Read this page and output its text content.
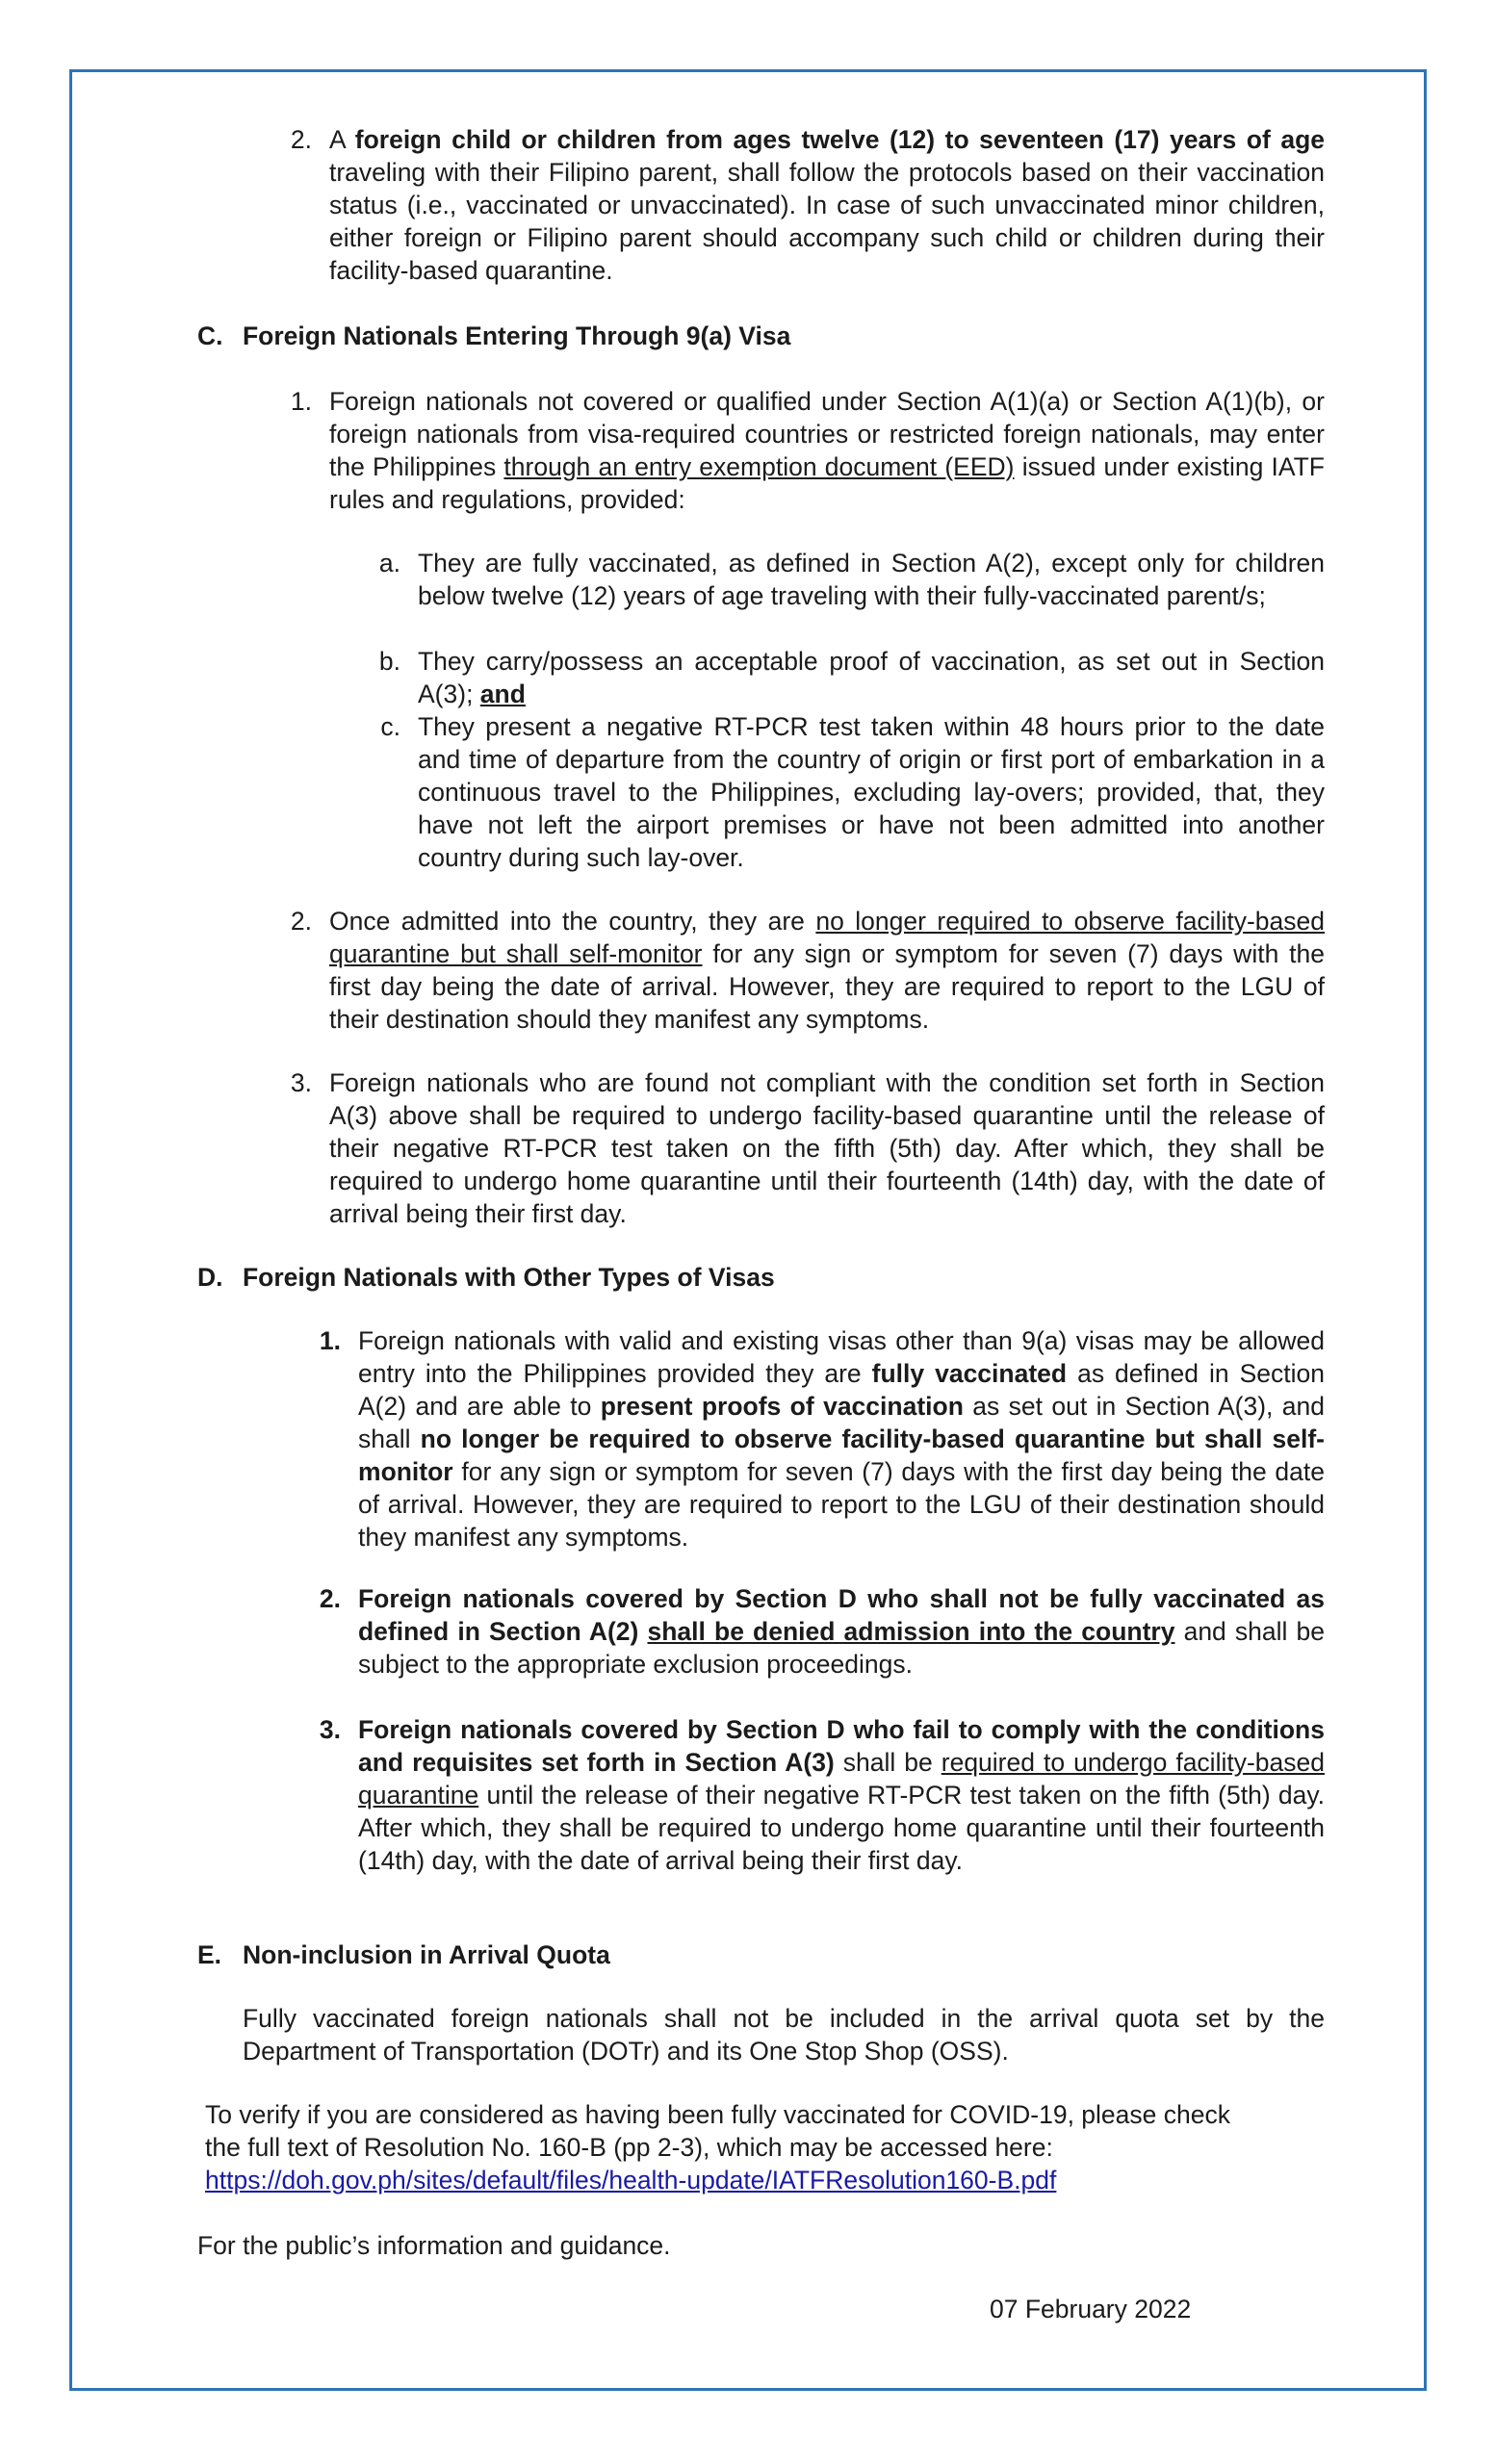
2. A foreign child or children from ages twelve (12) to seventeen (17) years of age traveling with their Filipino parent, shall follow the protocols based on their vaccination status (i.e., vaccinated or unvaccinated). In case of such unvaccinated minor children, either foreign or Filipino parent should accompany such child or children during their facility-based quarantine.
C. Foreign Nationals Entering Through 9(a) Visa
1. Foreign nationals not covered or qualified under Section A(1)(a) or Section A(1)(b), or foreign nationals from visa-required countries or restricted foreign nationals, may enter the Philippines through an entry exemption document (EED) issued under existing IATF rules and regulations, provided:
a. They are fully vaccinated, as defined in Section A(2), except only for children below twelve (12) years of age traveling with their fully-vaccinated parent/s;
b. They carry/possess an acceptable proof of vaccination, as set out in Section A(3); and
c. They present a negative RT-PCR test taken within 48 hours prior to the date and time of departure from the country of origin or first port of embarkation in a continuous travel to the Philippines, excluding lay-overs; provided, that, they have not left the airport premises or have not been admitted into another country during such lay-over.
2. Once admitted into the country, they are no longer required to observe facility-based quarantine but shall self-monitor for any sign or symptom for seven (7) days with the first day being the date of arrival. However, they are required to report to the LGU of their destination should they manifest any symptoms.
3. Foreign nationals who are found not compliant with the condition set forth in Section A(3) above shall be required to undergo facility-based quarantine until the release of their negative RT-PCR test taken on the fifth (5th) day. After which, they shall be required to undergo home quarantine until their fourteenth (14th) day, with the date of arrival being their first day.
D. Foreign Nationals with Other Types of Visas
1. Foreign nationals with valid and existing visas other than 9(a) visas may be allowed entry into the Philippines provided they are fully vaccinated as defined in Section A(2) and are able to present proofs of vaccination as set out in Section A(3), and shall no longer be required to observe facility-based quarantine but shall self-monitor for any sign or symptom for seven (7) days with the first day being the date of arrival. However, they are required to report to the LGU of their destination should they manifest any symptoms.
2. Foreign nationals covered by Section D who shall not be fully vaccinated as defined in Section A(2) shall be denied admission into the country and shall be subject to the appropriate exclusion proceedings.
3. Foreign nationals covered by Section D who fail to comply with the conditions and requisites set forth in Section A(3) shall be required to undergo facility-based quarantine until the release of their negative RT-PCR test taken on the fifth (5th) day. After which, they shall be required to undergo home quarantine until their fourteenth (14th) day, with the date of arrival being their first day.
E. Non-inclusion in Arrival Quota
Fully vaccinated foreign nationals shall not be included in the arrival quota set by the Department of Transportation (DOTr) and its One Stop Shop (OSS).
To verify if you are considered as having been fully vaccinated for COVID-19, please check
the full text of Resolution No. 160-B (pp 2-3), which may be accessed here:
https://doh.gov.ph/sites/default/files/health-update/IATFResolution160-B.pdf
For the public’s information and guidance.
07 February 2022
